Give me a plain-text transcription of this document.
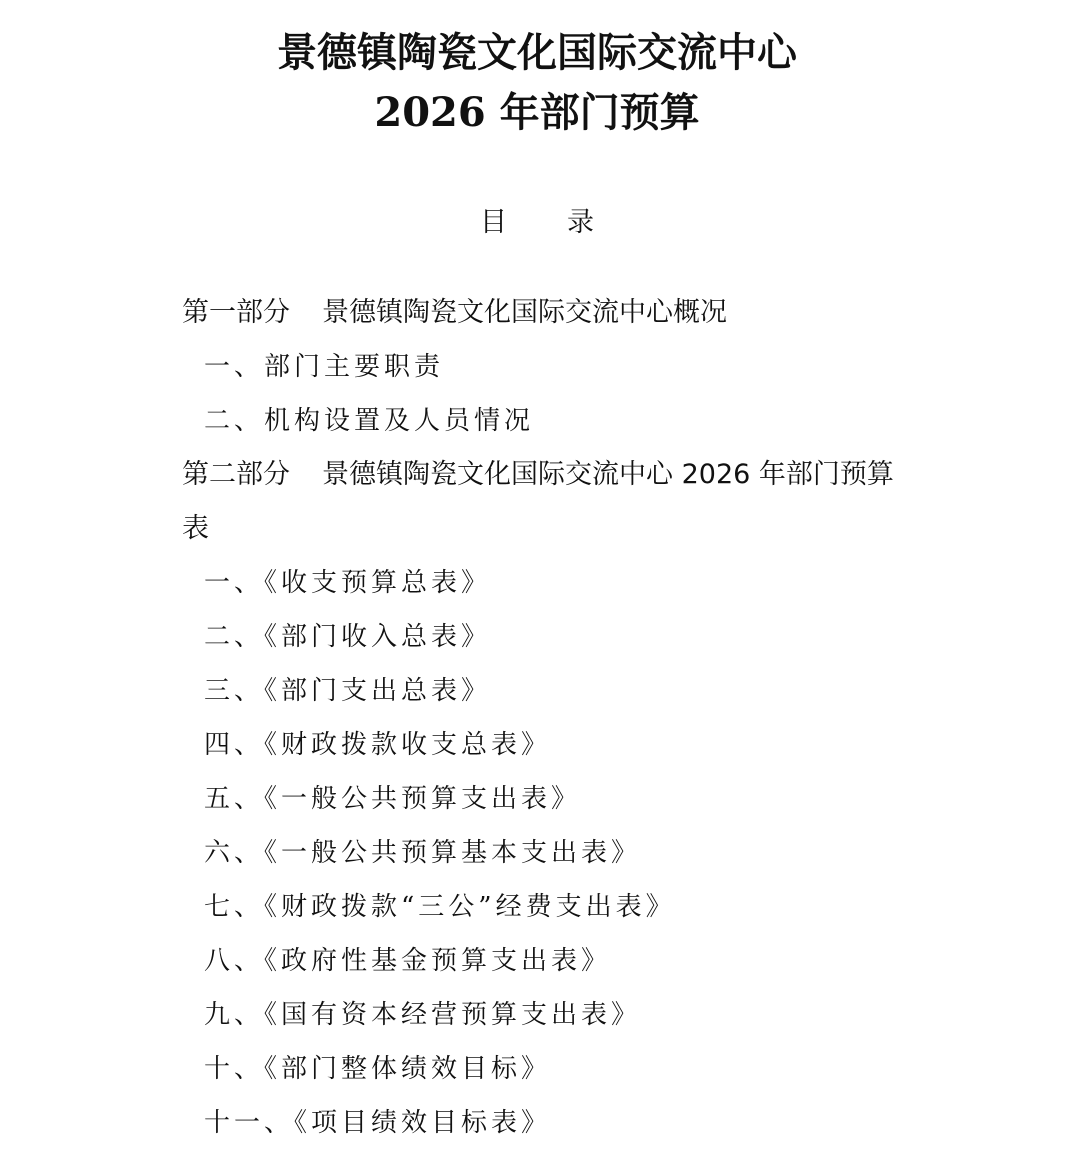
景德镇陶瓷文化国际交流中心
2026 年部门预算
目 录
第一部分 景德镇陶瓷文化国际交流中心概况
一、部门主要职责
二、机构设置及人员情况
第二部分 景德镇陶瓷文化国际交流中心 2026 年部门预算
表
一、《收支预算总表》
二、《部门收入总表》
三、《部门支出总表》
四、《财政拨款收支总表》
五、《一般公共预算支出表》
六、《一般公共预算基本支出表》
七、《财政拨款“三公”经费支出表》
八、《政府性基金预算支出表》
九、《国有资本经营预算支出表》
十、《部门整体绩效目标》
十一、《项目绩效目标表》
